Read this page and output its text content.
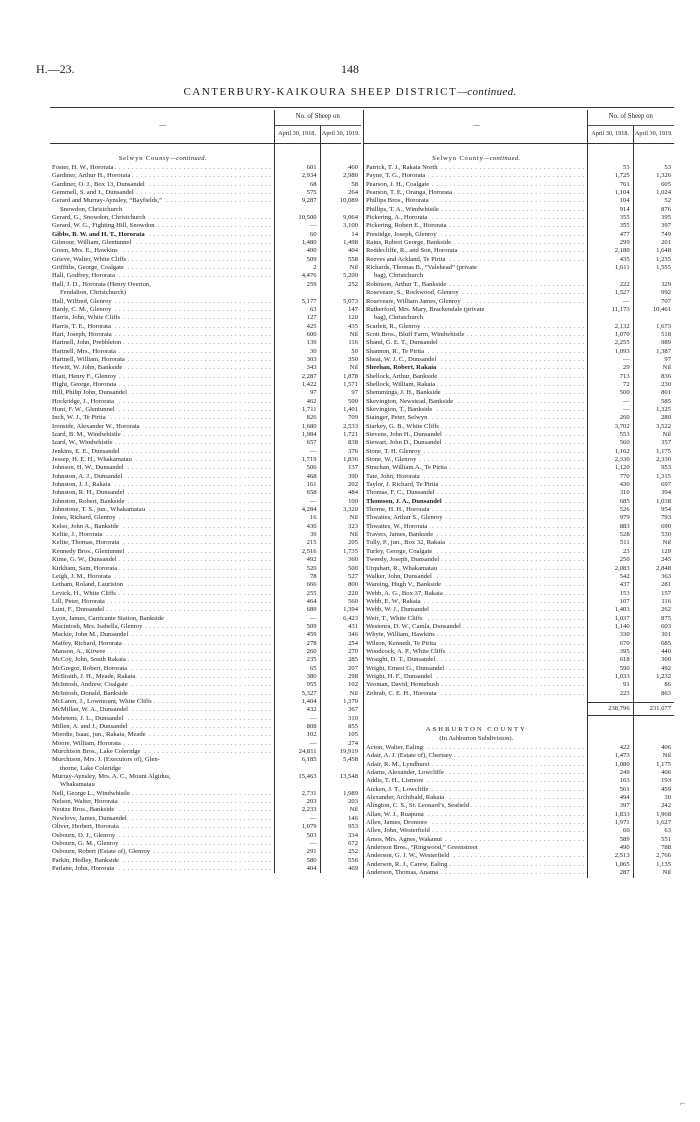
H.—23.	148
CANTERBURY-KAIKOURA SHEEP DISTRICT—continued.
—	No. of Sheep on	
	April 30, 1918.	April 30, 1919.

Selwyn County—continued.		
Foster, H. W., Hororata . .	601	460
Gardiner, Arthur H., Hororata . .	2,934	2,980
Gardiner, O. J., Box 13, Dunsandel . .	68	58
Gemmell, S. and J., Dunsandel . .	575	264
Gerard and Murray-Aynsley, “Bayfields,” . .	9,287	10,089
Snowdon, Christchurch		
Gerard, G., Snowdon, Christchurch . .	10,500	9,064
Gerard, W. G., Fighting Hill, Snowdon . .	—	3,100
Gibbs, B. W. and H. T., Hororata . .	60	14
Gilmour, William, Glentunnel . .	1,480	1,498
Green, Mrs. E., Hawkins . .	400	404
Grieve, Walter, White Cliffs . .	509	558
Griffiths, George, Coalgate . .	2	Nil
Hall, Godfrey, Hororata . .	4,476	5,200
Hall, J. D., Hororata (Henry Overton,	259	252
Fendalton, Christchurch)		
Hall, Wilfred, Glenroy . .	5,177	5,073
Hardy, C. M., Glenroy . .	63	147
Harris, John, White Cliffs . .	127	120
Harris, T. E., Hororata . .	425	435
Hart, Joseph, Hororata . .	600	Nil
Hartnell, John, Prebbleton . .	139	116
Hartnell, Mrs., Hororata . .	30	50
Hartnell, William, Hororata . .	303	350
Hewitt, W. John, Bankside . .	343	Nil
Hiatt, Henry F., Glenroy . .	2,287	1,878
Hight, George, Hororata . .	1,422	1,571
Hill, Philip John, Dunsandel . .	97	97
Hockridge, J., Hororata . .	462	500
Hunt, F. W., Glentunnel . .	1,711	1,401
Inch, W. J., Te Pirita . .	826	709
Ironside, Alexander W., Hororata . .	1,680	2,533
Izard, B. M., Windwhistle . .	1,984	1,721
Izard, W., Windwhistle . .	657	838
Jenkins, E. E., Dunsandel . .	—	376
Jessep, H. E. H., Whakamatau . .	1,719	1,836
Johnson, H. W., Dunsandel . .	506	137
Johnston, A. J., Dunsandel . .	468	390
Johnston, J. J., Rakaia . .	161	202
Johnston, R. H., Dunsandel . .	658	484
Johnston, Robert, Bankside . .	—	100
Johnstone, T. S., jun., Whakamatau . .	4,284	3,320
Jones, Richard, Glenroy . .	16	Nil
Kelso, John A., Bankside . .	430	323
Keltie, J., Hororata . .	39	Nil
Keltie, Thomas, Hororata . .	215	205
Kennedy Bros., Glentunnel . .	2,516	1,735
Kime, G. W., Dunsandel . .	492	360
Kirkham, Sam, Hororata . .	520	500
Leigh, J. M., Hororata . .	78	527
Letham, Roland, Lauriston . .	666	800
Levick, H., White Cliffs . .	255	220
Lill, Peter, Hororata . .	464	560
Lunt, F., Dunsandel . .	689	1,394
Lyon, James, Carricante Station, Bankside	—	6,423
Macintosh, Mrs. Isabella, Glenroy . .	509	431
Mackie, John M., Dunsandel . .	459	346
Maffey, Richard, Hororata . .	278	254
Manson, A., Kirwee . .	260	270
McCoy, John, South Rakaia . .	235	285
McGregor, Robert, Hororata . .	65	207
McIlraith, J. H., Meade, Rakaia . .	380	298
McIntosh, Andrew, Coalgate . .	955	102
McIntosh, Donald, Bankside . .	5,327	Nil
McLaren, J., Lowmount, White Cliffs . .	1,404	1,379
McMillan, W. A., Dunsandel . .	432	367
Mehrtens, J. L., Dunsandel . .	—	310
Millen, A. and J., Dunsandel . .	808	855
Moodie, Isaac, jun., Rakaia, Meade . .	102	105
Moore, William, Hororata . .	—	274
Murchison Bros., Lake Coleridge . .	24,811	19,919
Murchison, Mrs. J. (Executors of), Glen-	6,185	5,458
thorne, Lake Coleridge		
Murray-Aynsley, Mrs. A. C., Mount Algidus,	15,463	13,548
Whakamatau		
Nell, George L., Windwhistle . .	2,731	1,989
Nelson, Walter, Hororata . .	203	203
Neutze Bros., Bankside . .	2,233	Nil
Newlove, James, Dunsandel . .	—	146
Oliver, Herbert, Hororata . .	1,079	953
Osbourn, D. J., Glenroy . .	503	334
Osbourn, G. M., Glenroy . .	—	672
Osbourn, Robert (Estate of), Glenroy . .	291	252
Parkin, Hedley, Bankside . .	580	556
Parlane, John, Hororata . .	404	469
—	No. of Sheep on	
	April 30, 1918.	April 30, 1919.

Selwyn County—continued.		
Patrick, T. J., Rakaia North . .	53	53
Payne, T. G., Hororata . .	1,725	1,326
Pearson, J. H., Coalgate . .	761	605
Pearson, T. E., Oranga, Hororata . .	1,104	1,024
Phillips Bros., Hororata . .	104	52
Phillips, T. A., Windwhistle . .	914	876
Pickering, A., Hororata . .	355	395
Pickering, Robert E., Hororata . .	355	397
Prestidge, Joseph, Glenroy . .	477	749
Rains, Robert George, Bankside . .	299	201
Reddecliffe, R., and Son, Hororata . .	2,180	1,648
Reeves and Ackland, Te Pirita . .	435	1,235
Richards, Thomas B., “Valehead” (private	1,611	1,555
bag), Christchurch		
Robinson, Arthur T., Bankside . .	222	329
Roseveare, S., Rockwood, Glenroy . .	1,527	992
Roseveare, William James, Glenroy . .	—	707
Rutherford, Mrs. Mary, Brackendale (private	11,173	10,461
bag), Christchurch		
Scarlett, R., Glenroy . .	2,132	1,673
Scott Bros., Bluff Farm, Windwhistle . .	1,070	518
Shand, G. E. T., Dunsandel . .	2,255	989
Shannon, R., Te Pirita . .	1,093	1,387
Sheat, W. J. C., Dunsandel . .	—	97
Sheehan, Robert, Rakaia . .	29	Nil
Shellock, Arthur, Bankside . .	713	836
Shellock, William, Rakaia . .	72	230
Shemmings, J. H., Bankside . .	500	801
Skevington, Newstead, Bankside . .	—	585
Skevington, T., Bankside . .	—	1,325
Stainger, Peter, Selwyn . .	260	280
Starkey, G. B., White Cliffs . .	3,702	3,522
Stevens, John H., Dunsandel . .	553	Nil
Stewart, John D., Dunsandel . .	560	357
Stone, T. H. Glenroy . .	1,162	1,175
Stone, W., Glenroy . .	2,330	2,330
Strachan, William A., Te Pirita . .	1,120	953
Tate, John, Hororata . .	770	1,315
Taylor, J. Richard, Te Pirita . .	430	697
Thomas, F. C., Dunsandel . .	310	394
Thomson, J. A., Dunsandel . .	685	1,038
Thorne, H. H., Hororata . .	526	954
Thwaites, Arthur S., Glenroy . .	979	793
Thwaites, W., Hororata . .	883	690
Travers, James, Bankside . .	528	530
Tully, P., jun., Box 32, Rakaia . .	511	Nil
Turley, George, Coalgate . .	23	129
Tweedy, Joseph, Dunsandel . .	250	245
Urquhart, R., Whakamatau . .	2,083	2,848
Walker, John, Dunsandel . .	542	363
Wareing, Hugh V., Bankside . .	437	281
Webb, A. G., Box 37, Rakaia . .	153	157
Webb, E. W., Rakaia . .	107	116
Webb, W. J., Dunsandel . .	1,403	262
Weir, T., White Cliffs . .	1,037	875
Westenra, D. W., Camla, Dunsandel . .	1,140	603
Whyte, William, Hawkins . .	330	301
Wilson, Kenneth, Te Pirita . .	670	685
Woodcock, A. P., White Cliffs . .	395	440
Wraight, D. T., Dunsandel . .	618	300
Wright, Ernest G., Dunsandel . .	590	492
Wright, H. F., Dunsandel . .	1,033	1,232
Yeoman, David, Homebush . .	91	86
Zohrab, C. E. H., Hororata . .	223	863

	238,796	231,677
ASHBURTON COUNTY		
(In Ashburton Subdivision).		
Acton, Walter, Ealing . .	422	406
Adair, A. J. (Estate of), Chertsey . .	1,473	Nil
Adair, R. M., Lyndhurst . .	1,080	1,175
Adams, Alexander, Lowcliffe . .	249	406
Addis, T. H., Lismore . .	163	193
Aicken, J. T., Lowcliffe . .	561	459
Alexander, Archibald, Rakaia . .	494	30
Alington, C. S., St. Leonard’s, Seafield . .	397	242
Allan, W. J., Ruapuna . .	1,833	1,968
Allen, James, Dromore . .	1,971	1,627
Allen, John, Westerfield . .	60	63
Amos, Mrs. Agnes, Wakanui . .	589	551
Anderson Bros., “Ringwood,” Greenstreet	490	788
Anderson, G. J. W., Westerfield . .	2,513	2,766
Anderson, R. J., Carew, Ealing . .	1,065	1,135
Anderson, Thomas, Anama . .	287	Nil
⌐
